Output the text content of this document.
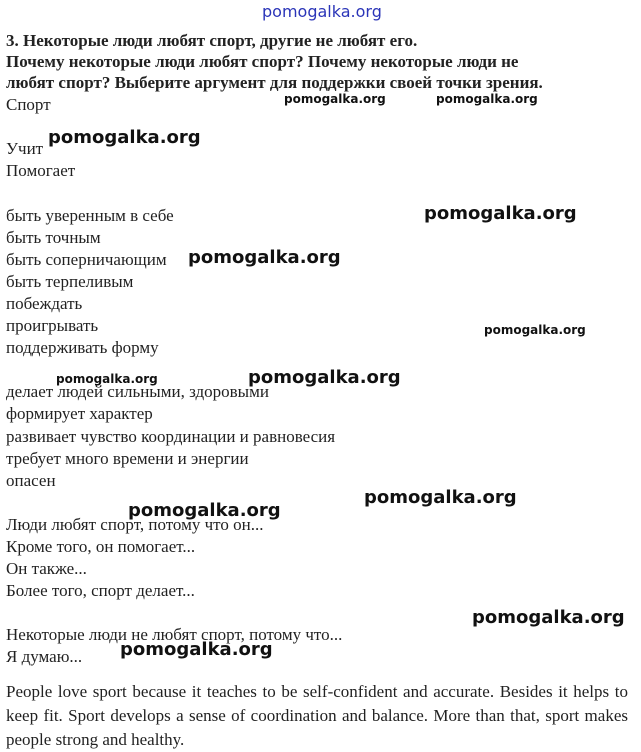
3. Некоторые люди любят спорт, другие не любят его.
Почему некоторые люди любят спорт? Почему некоторые люди не
любят спорт? Выберите аргумент для поддержки своей точки зрения.
Спорт
Учит
Помогает
быть уверенным в себе
быть точным
быть соперничающим
быть терпеливым
побеждать
проигрывать
поддерживать форму
делает людей сильными, здоровыми
формирует характер
развивает чувство координации и равновесия
требует много времени и энергии
опасен
Люди любят спорт, потому что он...
Кроме того, он помогает...
Он также...
Более того, спорт делает...
Некоторые люди не любят спорт, потому что...
Я думаю...
People love sport because it teaches to be self-confident and accurate. Besides it helps to keep fit. Sport develops a sense of coordination and balance. More than that, sport makes people strong and healthy.
pomogalka.org
pomogalka.org	pomogalka.org
pomogalka.org
pomogalka.org
pomogalka.org
pomogalka.org
pomogalka.org	pomogalka.org
pomogalka.org
pomogalka.org
pomogalka.org
pomogalka.org
